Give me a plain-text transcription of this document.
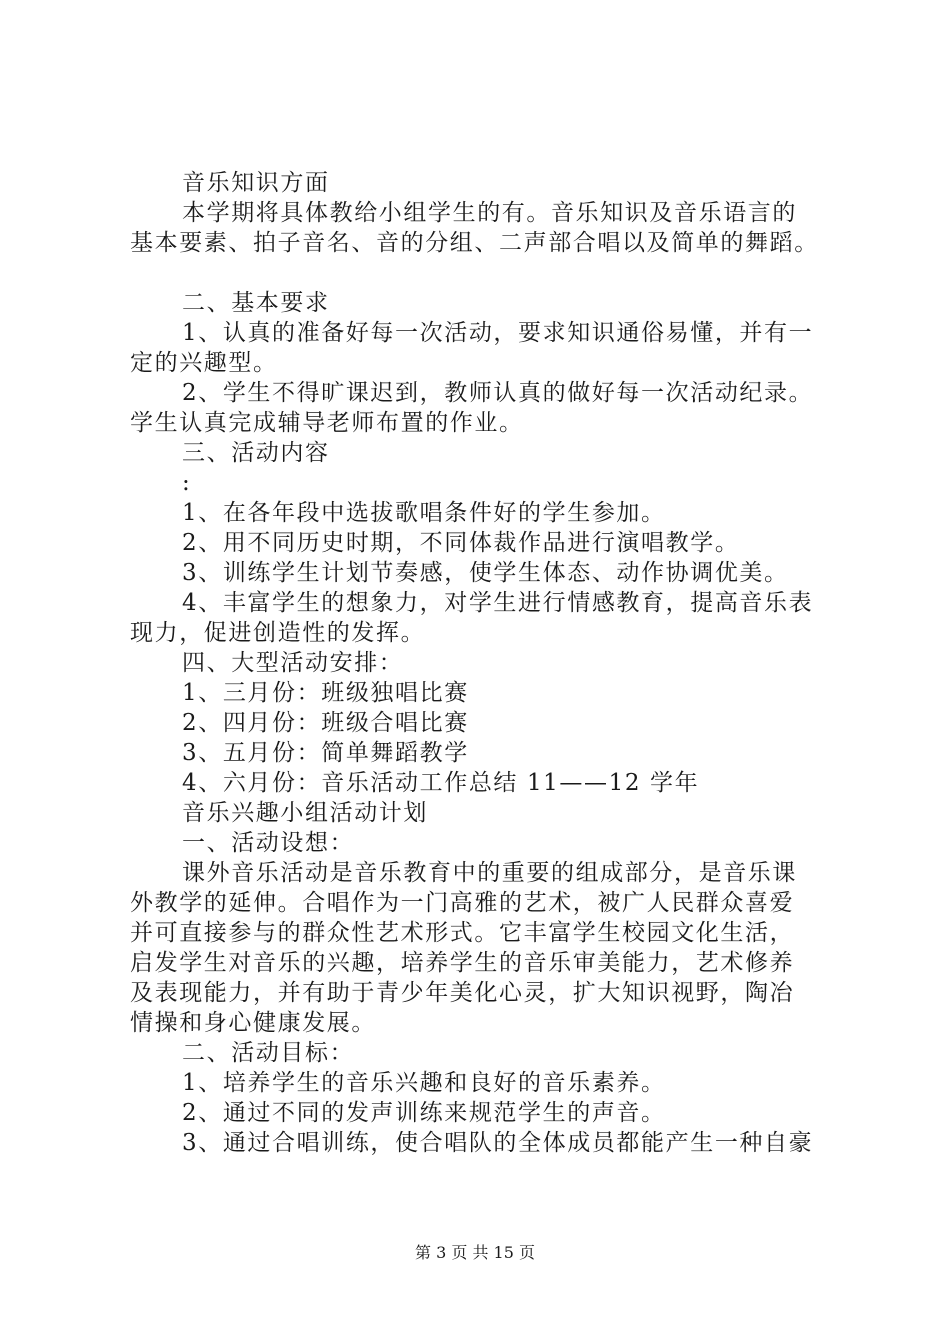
音乐知识方面

本学期将具体教给小组学生的有。音乐知识及音乐语言的

基本要素、拍子音名、音的分组、二声部合唱以及简单的舞蹈。

二、基本要求

1、认真的准备好每一次活动，要求知识通俗易懂，并有一

定的兴趣型。

2、学生不得旷课迟到，教师认真的做好每一次活动纪录。

学生认真完成辅导老师布置的作业。

三、活动内容

:

1、在各年段中选拔歌唱条件好的学生参加。

2、用不同历史时期，不同体裁作品进行演唱教学。

3、训练学生计划节奏感，使学生体态、动作协调优美。

4、丰富学生的想象力，对学生进行情感教育，提高音乐表

现力，促进创造性的发挥。

四、大型活动安排：

1、三月份：班级独唱比赛

2、四月份：班级合唱比赛

3、五月份：简单舞蹈教学

4、六月份：音乐活动工作总结 11——12 学年

音乐兴趣小组活动计划

一、活动设想：

课外音乐活动是音乐教育中的重要的组成部分，是音乐课

外教学的延伸。合唱作为一门高雅的艺术，被广人民群众喜爱

并可直接参与的群众性艺术形式。它丰富学生校园文化生活，

启发学生对音乐的兴趣，培养学生的音乐审美能力，艺术修养

及表现能力，并有助于青少年美化心灵，扩大知识视野，陶冶

情操和身心健康发展。

二、活动目标：

1、培养学生的音乐兴趣和良好的音乐素养。

2、通过不同的发声训练来规范学生的声音。

3、通过合唱训练，使合唱队的全体成员都能产生一种自豪

第 3 页 共 15 页
